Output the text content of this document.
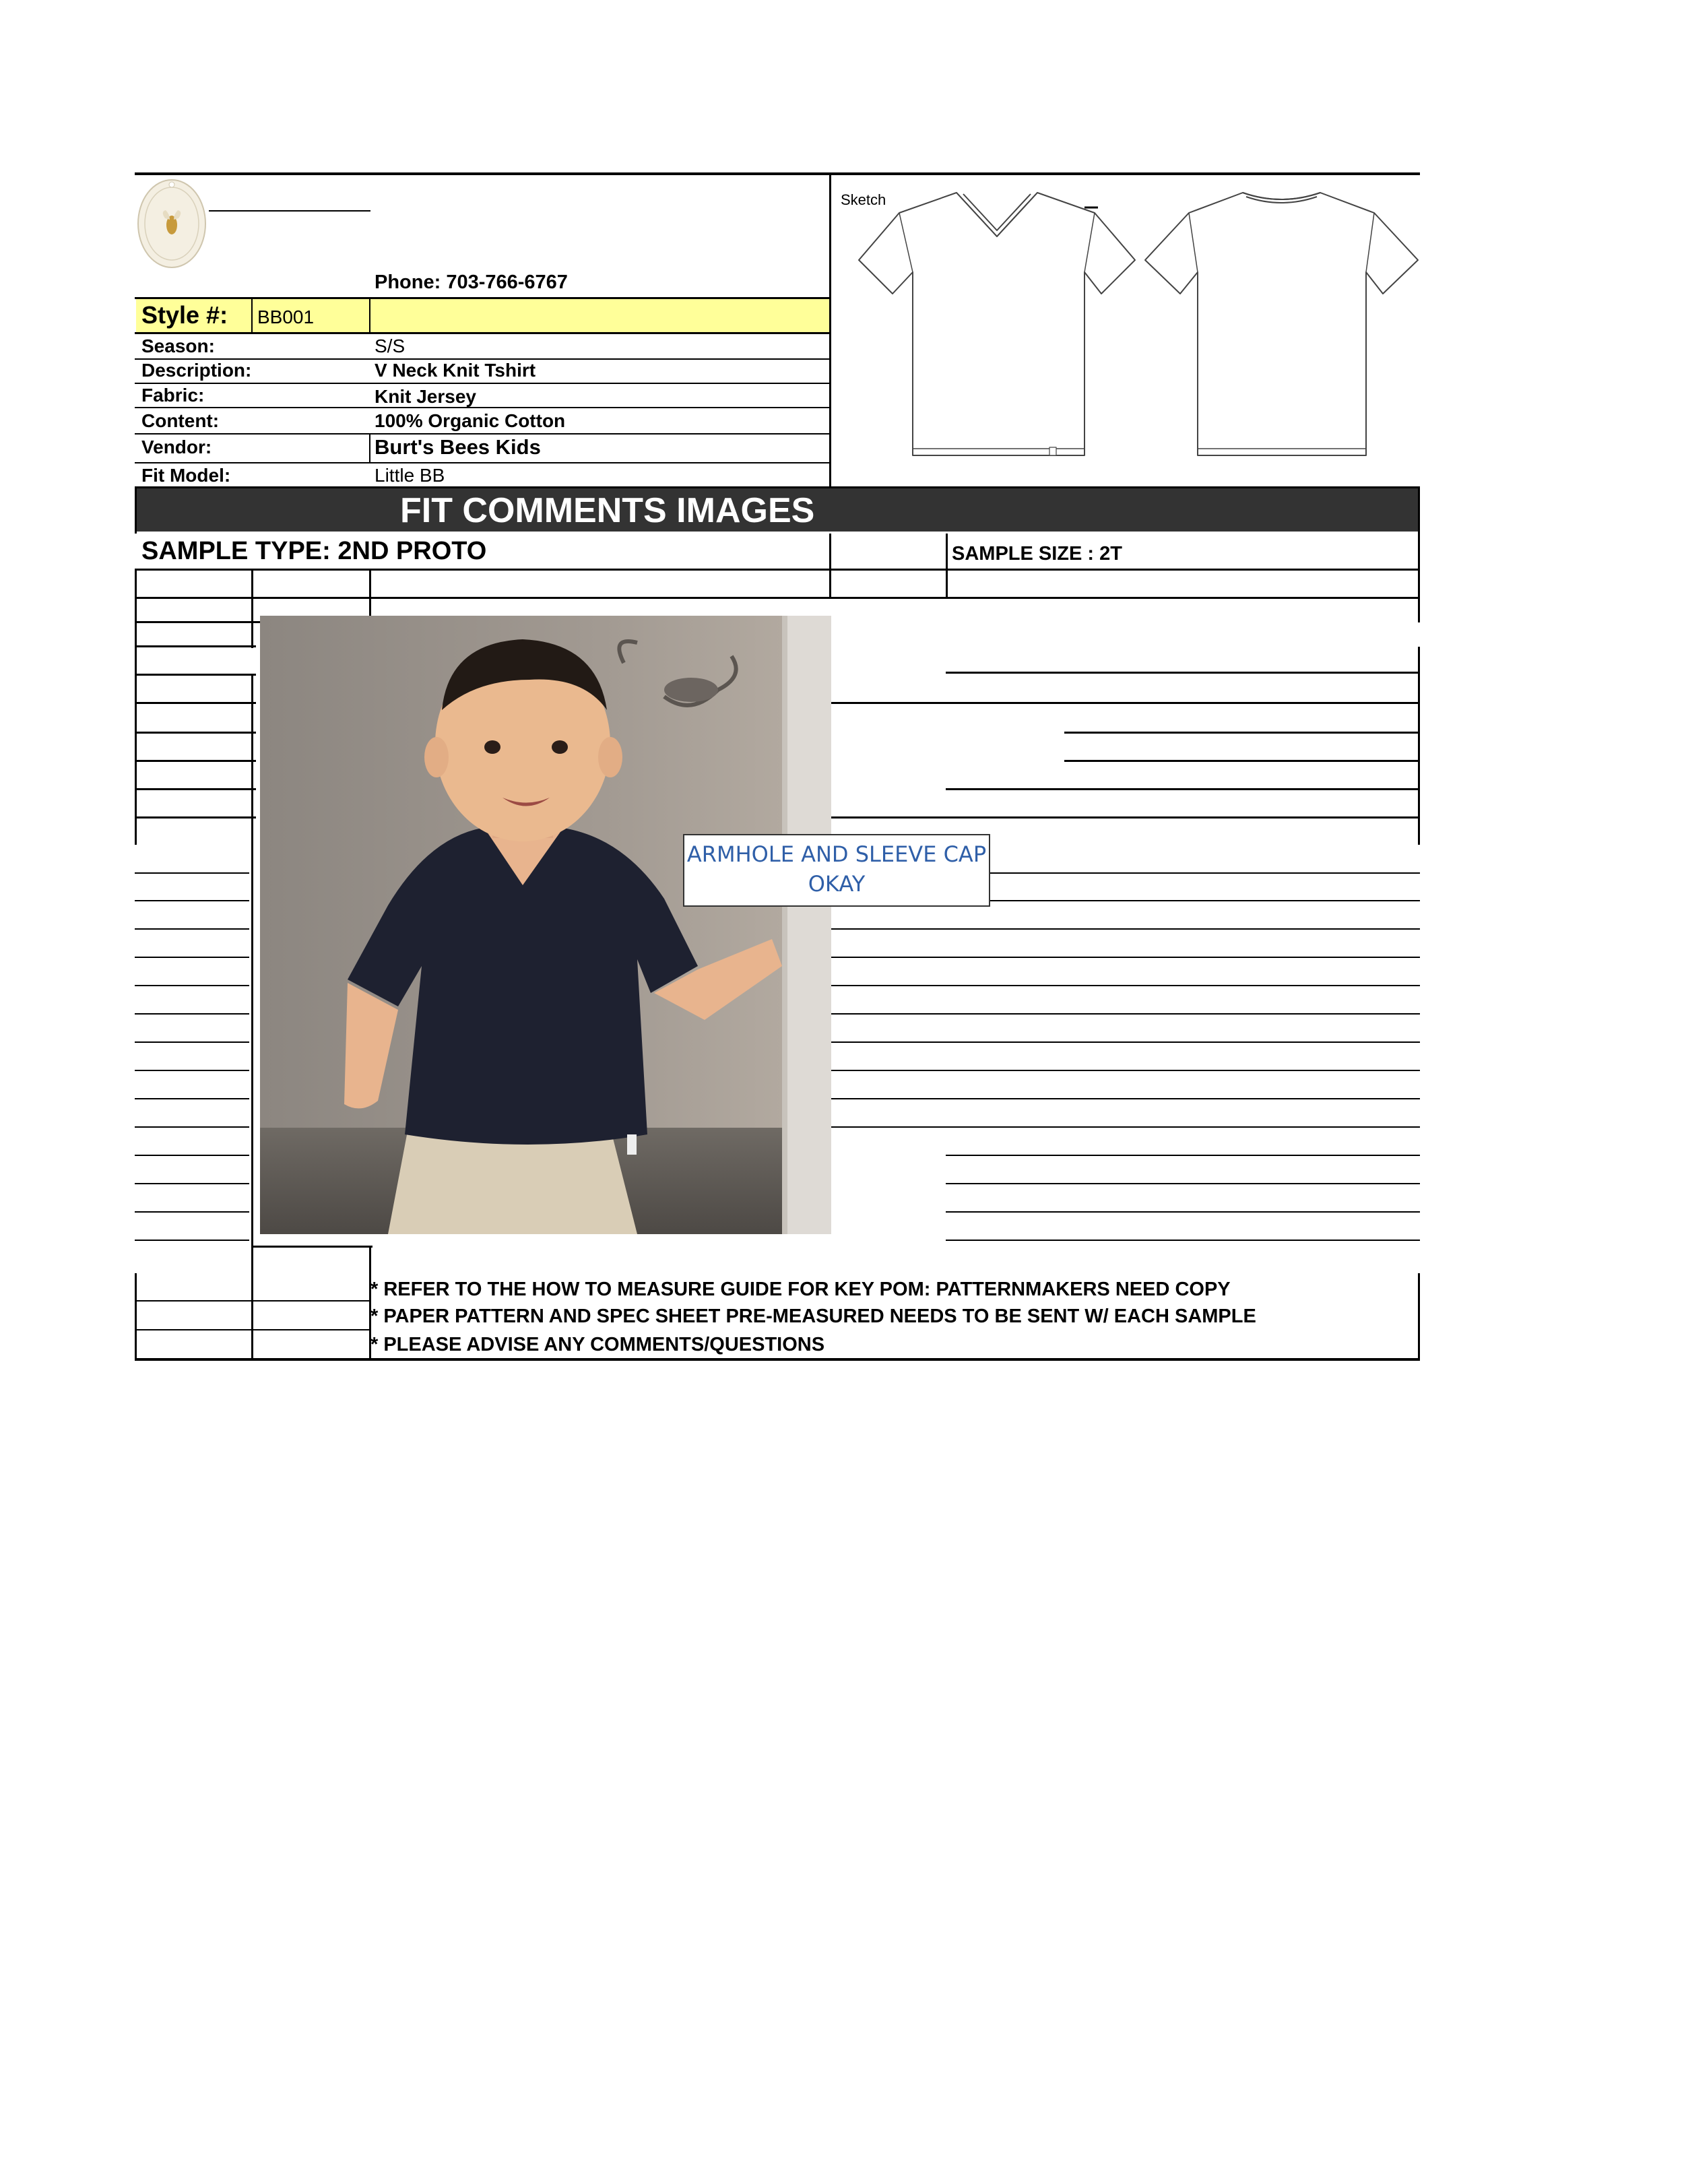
Phone: 703-766-6767
Style #: BB001
Season:	S/S
Description:	V Neck Knit Tshirt
Fabric:	Knit Jersey
Content:	100% Organic Cotton
Vendor:	Burt's Bees Kids
Fit Model:	Little BB
Sketch
FIT COMMENTS IMAGES
SAMPLE TYPE: 2ND PROTO	SAMPLE SIZE : 2T
ARMHOLE AND SLEEVE CAP
OKAY
* REFER TO THE HOW TO MEASURE GUIDE FOR KEY POM: PATTERNMAKERS NEED COPY
* PAPER PATTERN AND SPEC SHEET PRE-MEASURED NEEDS TO BE SENT W/ EACH SAMPLE
* PLEASE ADVISE ANY COMMENTS/QUESTIONS
